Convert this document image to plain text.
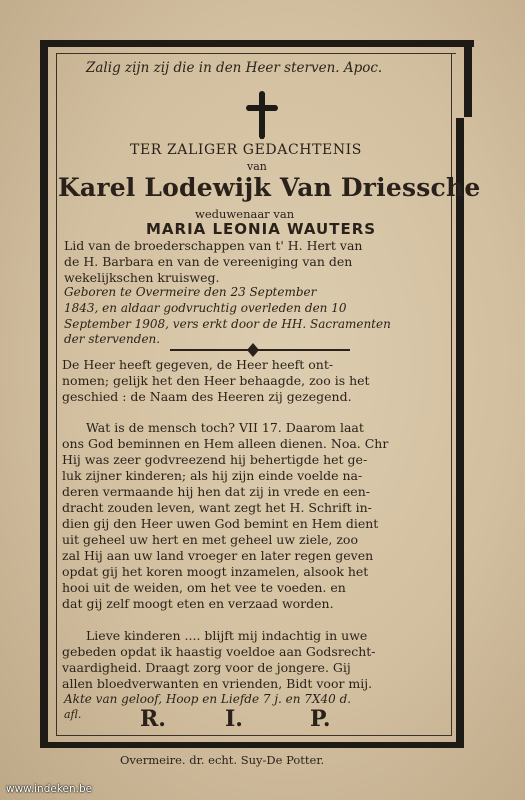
Zalig zijn zij die in den Heer sterven. Apoc.
TER ZALIGER GEDACHTENIS
van
Karel Lodewijk Van Driessche
weduwenaar van
MARIA LEONIA WAUTERS
Lid van de broederschappen van t' H. Hert van
de H. Barbara en van de vereeniging van den
wekelijkschen kruisweg.
Geboren te Overmeire den 23 September
1843, en aldaar godvruchtig overleden den 10
September 1908, vers erkt door de HH. Sacramenten
der stervenden.
De Heer heeft gegeven, de Heer heeft ont-
nomen; gelijk het den Heer behaagde, zoo is het
geschied : de Naam des Heeren zij gezegend.
Wat is de mensch toch? VII 17. Daarom laat
ons God beminnen en Hem alleen dienen. Noa. Chr
Hij was zeer godvreezend hij behertigde het ge-
luk zijner kinderen; als hij zijn einde voelde na-
deren vermaande hij hen dat zij in vrede en een-
dracht zouden leven, want zegt het H. Schrift in-
dien gij den Heer uwen God bemint en Hem dient
uit geheel uw hert en met geheel uw ziele, zoo
zal Hij aan uw land vroeger en later regen geven
opdat gij het koren moogt inzamelen, alsook het
hooi uit de weiden, om het vee te voeden. en
dat gij zelf moogt eten en verzaad worden.
Lieve kinderen .... blijft mij indachtig in uwe
gebeden opdat ik haastig voeldoe aan Godsrecht-
vaardigheid. Draagt zorg voor de jongere. Gij
allen bloedverwanten en vrienden, Bidt voor mij.
Akte van geloof, Hoop en Liefde 7 j. en 7X40 d.
afl.	R.	I.	P.
Overmeire. dr. echt. Suy-De Potter.
www.indeken.be
